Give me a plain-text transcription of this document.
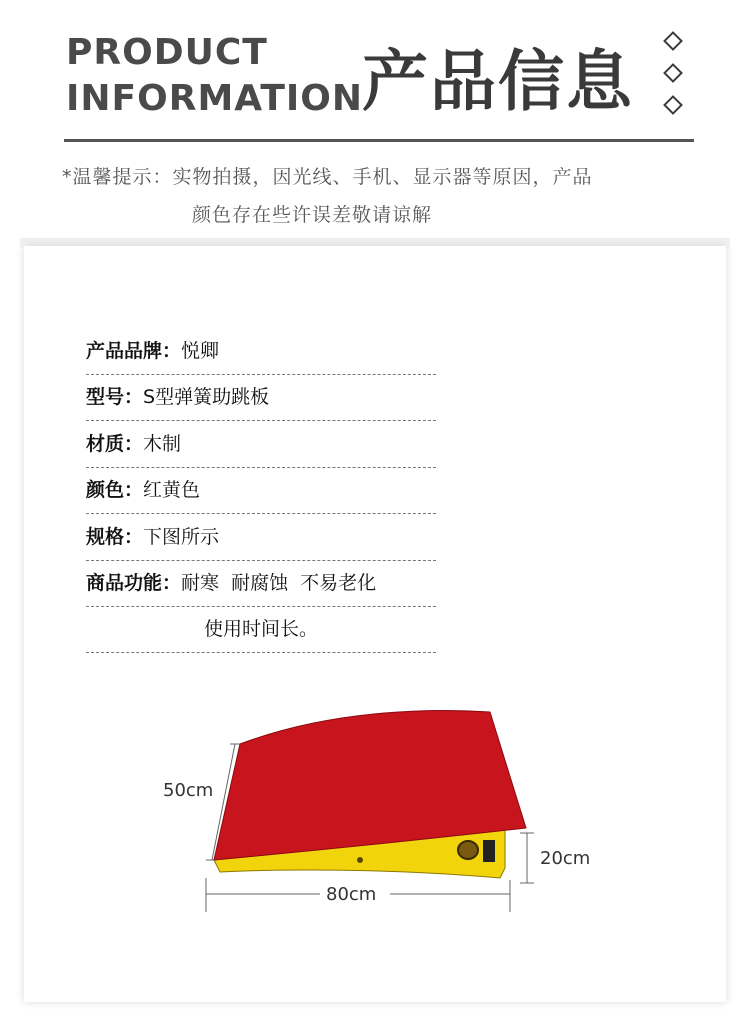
PRODUCT
INFORMATION
产品信息
*温馨提示：实物拍摄，因光线、手机、显示器等原因，产品
颜色存在些许误差敬请谅解
产品品牌：悦卿
型号：S型弹簧助跳板
材质：木制
颜色：红黄色
规格：下图所示
商品功能：耐寒  耐腐蚀  不易老化
使用时间长。
50cm
80cm
20cm
